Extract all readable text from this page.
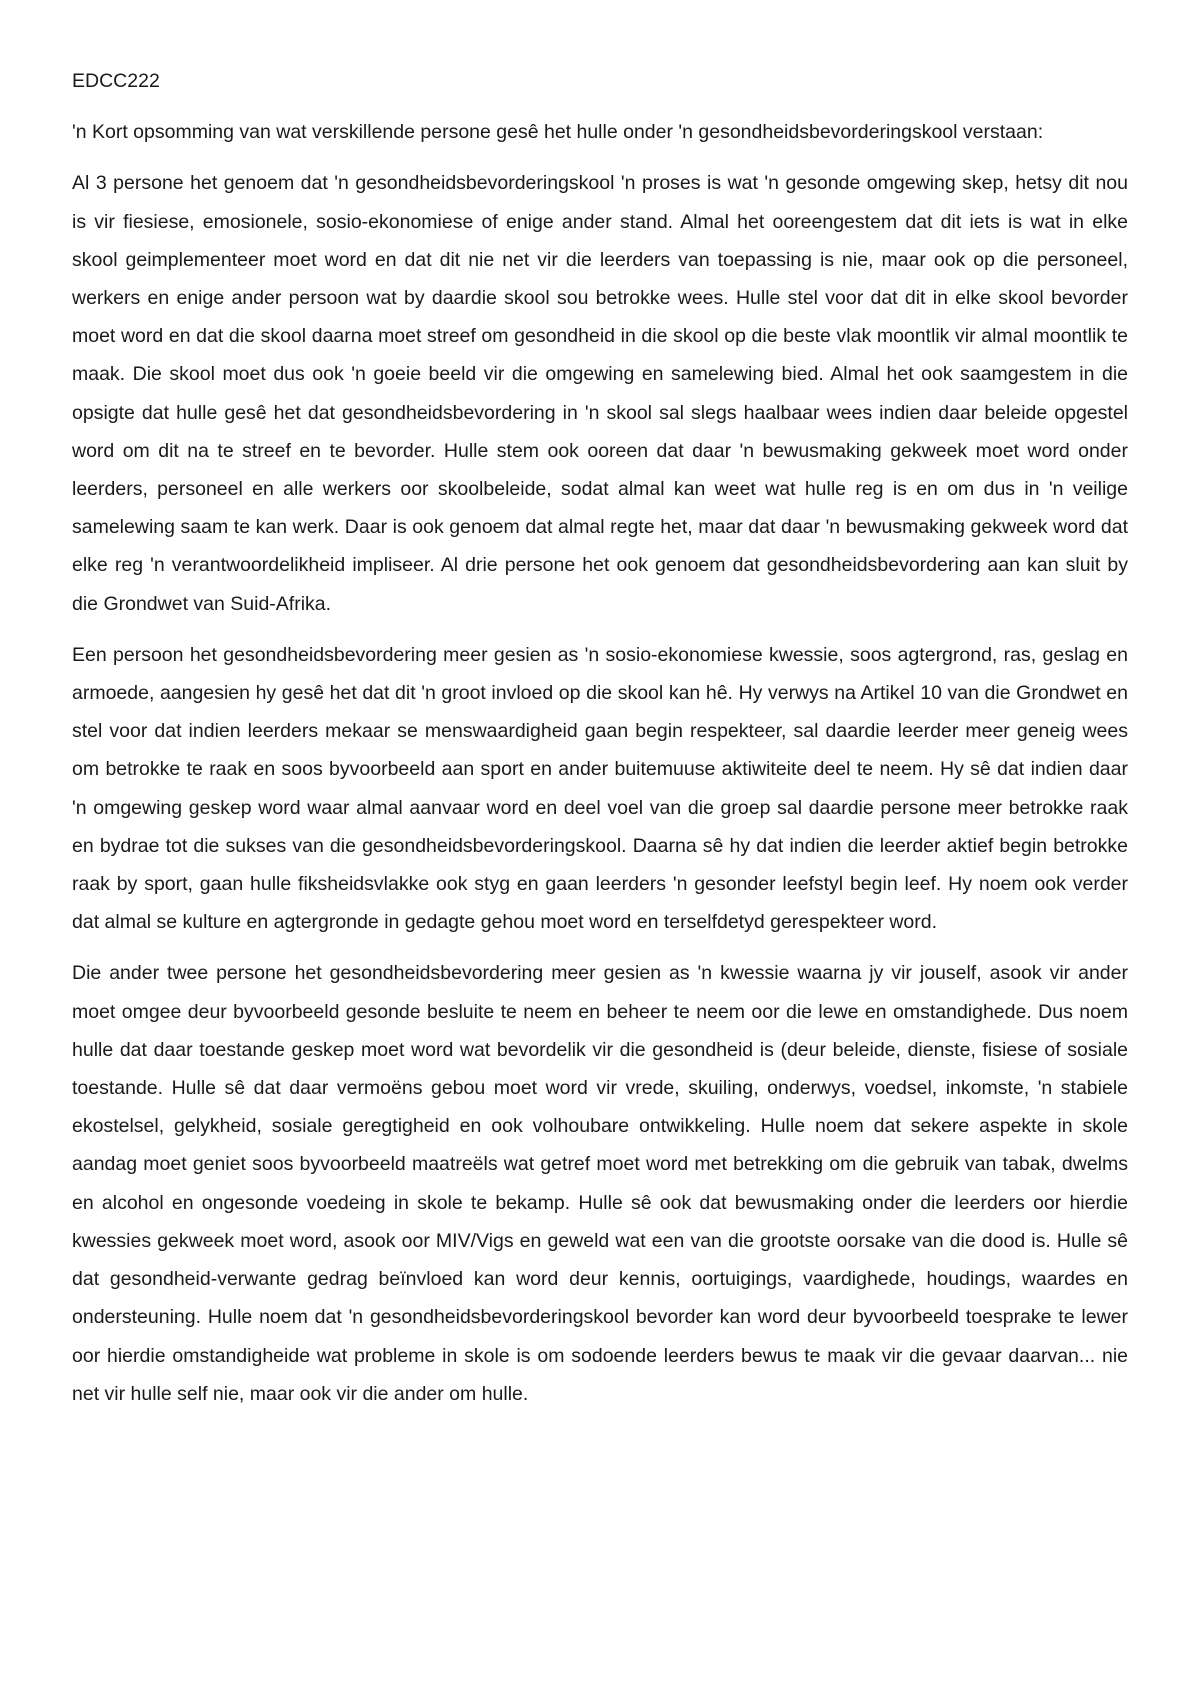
EDCC222

'n Kort opsomming van wat verskillende persone gesê het hulle onder 'n gesondheidsbevorderingskool verstaan:

Al 3 persone het genoem dat 'n gesondheidsbevorderingskool 'n proses is wat 'n gesonde omgewing skep, hetsy dit nou is vir fiesiese, emosionele, sosio-ekonomiese of enige ander stand. Almal het ooreengestem dat dit iets is wat in elke skool geimplementeer moet word en dat dit nie net vir die leerders van toepassing is nie, maar ook op die personeel, werkers en enige ander persoon wat by daardie skool sou betrokke wees. Hulle stel voor dat dit in elke skool bevorder moet word en dat die skool daarna moet streef om gesondheid in die skool op die beste vlak moontlik vir almal moontlik te maak. Die skool moet dus ook 'n goeie beeld vir die omgewing en samelewing bied. Almal het ook saamgestem in die opsigte dat hulle gesê het dat gesondheidsbevordering in 'n skool sal slegs haalbaar wees indien daar beleide opgestel word om dit na te streef en te bevorder. Hulle stem ook ooreen dat daar 'n bewusmaking gekweek moet word onder leerders, personeel en alle werkers oor skoolbeleide, sodat almal kan weet wat hulle reg is en om dus in 'n veilige samelewing saam te kan werk. Daar is ook genoem dat almal regte het, maar dat daar 'n bewusmaking gekweek word dat elke reg 'n verantwoordelikheid impliseer. Al drie persone het ook genoem dat gesondheidsbevordering aan kan sluit by die Grondwet van Suid-Afrika.

Een persoon het gesondheidsbevordering meer gesien as 'n sosio-ekonomiese kwessie, soos agtergrond, ras, geslag en armoede, aangesien hy gesê het dat dit 'n groot invloed op die skool kan hê. Hy verwys na Artikel 10 van die Grondwet en stel voor dat indien leerders mekaar se menswaardigheid gaan begin respekteer, sal daardie leerder meer geneig wees om betrokke te raak en soos byvoorbeeld aan sport en ander buitemuuse aktiwiteite deel te neem. Hy sê dat indien daar 'n omgewing geskep word waar almal aanvaar word en deel voel van die groep sal daardie persone meer betrokke raak en bydrae tot die sukses van die gesondheidsbevorderingskool. Daarna sê hy dat indien die leerder aktief begin betrokke raak by sport, gaan hulle fiksheidsvlakke ook styg en gaan leerders 'n gesonder leefstyl begin leef. Hy noem ook verder dat almal se kulture en agtergronde in gedagte gehou moet word en terselfdetyd gerespekteer word.

Die ander twee persone het gesondheidsbevordering meer gesien as 'n kwessie waarna jy vir jouself, asook vir ander moet omgee deur byvoorbeeld gesonde besluite te neem en beheer te neem oor die lewe en omstandighede. Dus noem hulle dat daar toestande geskep moet word wat bevordelik vir die gesondheid is (deur beleide, dienste, fisiese of sosiale toestande. Hulle sê dat daar vermoëns gebou moet word vir vrede, skuiling, onderwys, voedsel, inkomste, 'n stabiele ekostelsel, gelykheid, sosiale geregtigheid en ook volhoubare ontwikkeling. Hulle noem dat sekere aspekte in skole aandag moet geniet soos byvoorbeeld maatreëls wat getref moet word met betrekking om die gebruik van tabak, dwelms en alcohol en ongesonde voedeing in skole te bekamp. Hulle sê ook dat bewusmaking onder die leerders oor hierdie kwessies gekweek moet word, asook oor MIV/Vigs en geweld wat een van die grootste oorsake van die dood is. Hulle sê dat gesondheid-verwante gedrag beïnvloed kan word deur kennis, oortuigings, vaardighede, houdings, waardes en ondersteuning. Hulle noem dat 'n gesondheidsbevorderingskool bevorder kan word deur byvoorbeeld toesprake te lewer oor hierdie omstandigheide wat probleme in skole is om sodoende leerders bewus te maak vir die gevaar daarvan... nie net vir hulle self nie, maar ook vir die ander om hulle.
